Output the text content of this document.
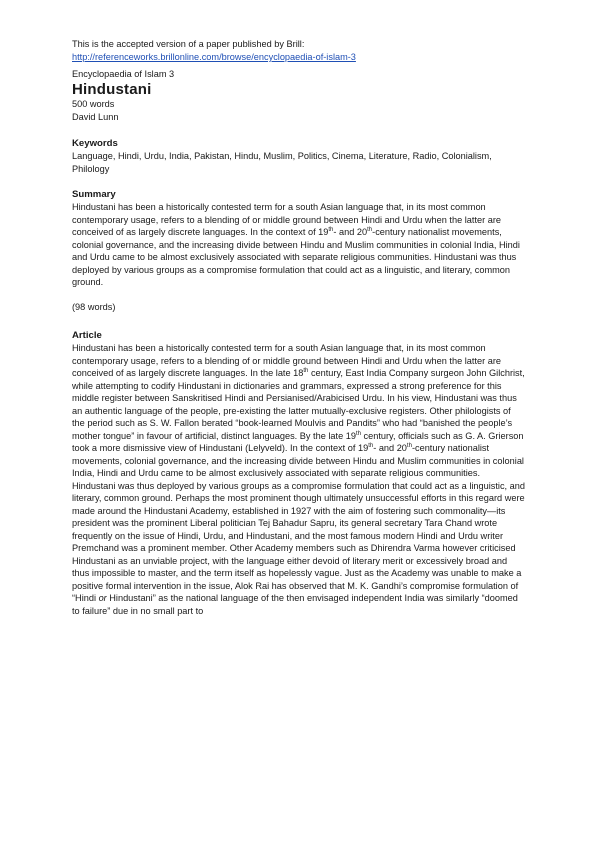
This is the accepted version of a paper published by Brill:
http://referenceworks.brillonline.com/browse/encyclopaedia-of-islam-3
Encyclopaedia of Islam 3
Hindustani
500 words
David Lunn
Keywords

Language, Hindi, Urdu, India, Pakistan, Hindu, Muslim, Politics, Cinema, Literature, Radio, Colonialism, Philology

Summary

Hindustani has been a historically contested term for a south Asian language that, in its most common contemporary usage, refers to a blending of or middle ground between Hindi and Urdu when the latter are conceived of as largely discrete languages. In the context of 19th- and 20th-century nationalist movements, colonial governance, and the increasing divide between Hindu and Muslim communities in colonial India, Hindi and Urdu came to be almost exclusively associated with separate religious communities. Hindustani was thus deployed by various groups as a compromise formulation that could act as a linguistic, and literary, common ground.

(98 words)
Article

Hindustani has been a historically contested term for a south Asian language that, in its most common contemporary usage, refers to a blending of or middle ground between Hindi and Urdu when the latter are conceived of as largely discrete languages. In the late 18th century, East India Company surgeon John Gilchrist, while attempting to codify Hindustani in dictionaries and grammars, expressed a strong preference for this middle register between Sanskritised Hindi and Persianised/Arabicised Urdu. In his view, Hindustani was thus an authentic language of the people, pre-existing the latter mutually-exclusive registers. Other philologists of the period such as S. W. Fallon berated “book-learned Moulvis and Pandits” who had “banished the people’s mother tongue” in favour of artificial, distinct languages. By the late 19th century, officials such as G. A. Grierson took a more dismissive view of Hindustani (Lelyveld). In the context of 19th- and 20th-century nationalist movements, colonial governance, and the increasing divide between Hindu and Muslim communities in colonial India, Hindi and Urdu came to be almost exclusively associated with separate religious communities. Hindustani was thus deployed by various groups as a compromise formulation that could act as a linguistic, and literary, common ground. Perhaps the most prominent though ultimately unsuccessful efforts in this regard were made around the Hindustani Academy, established in 1927 with the aim of fostering such commonality—its president was the prominent Liberal politician Tej Bahadur Sapru, its general secretary Tara Chand wrote frequently on the issue of Hindi, Urdu, and Hindustani, and the most famous modern Hindi and Urdu writer Premchand was a prominent member. Other Academy members such as Dhirendra Varma however criticised Hindustani as an unviable project, with the language either devoid of literary merit or excessively broad and thus impossible to master, and the term itself as hopelessly vague. Just as the Academy was unable to make a positive formal intervention in the issue, Alok Rai has observed that M. K. Gandhi’s compromise formulation of “Hindi or Hindustani” as the national language of the then envisaged independent India was similarly “doomed to failure” due in no small part to
